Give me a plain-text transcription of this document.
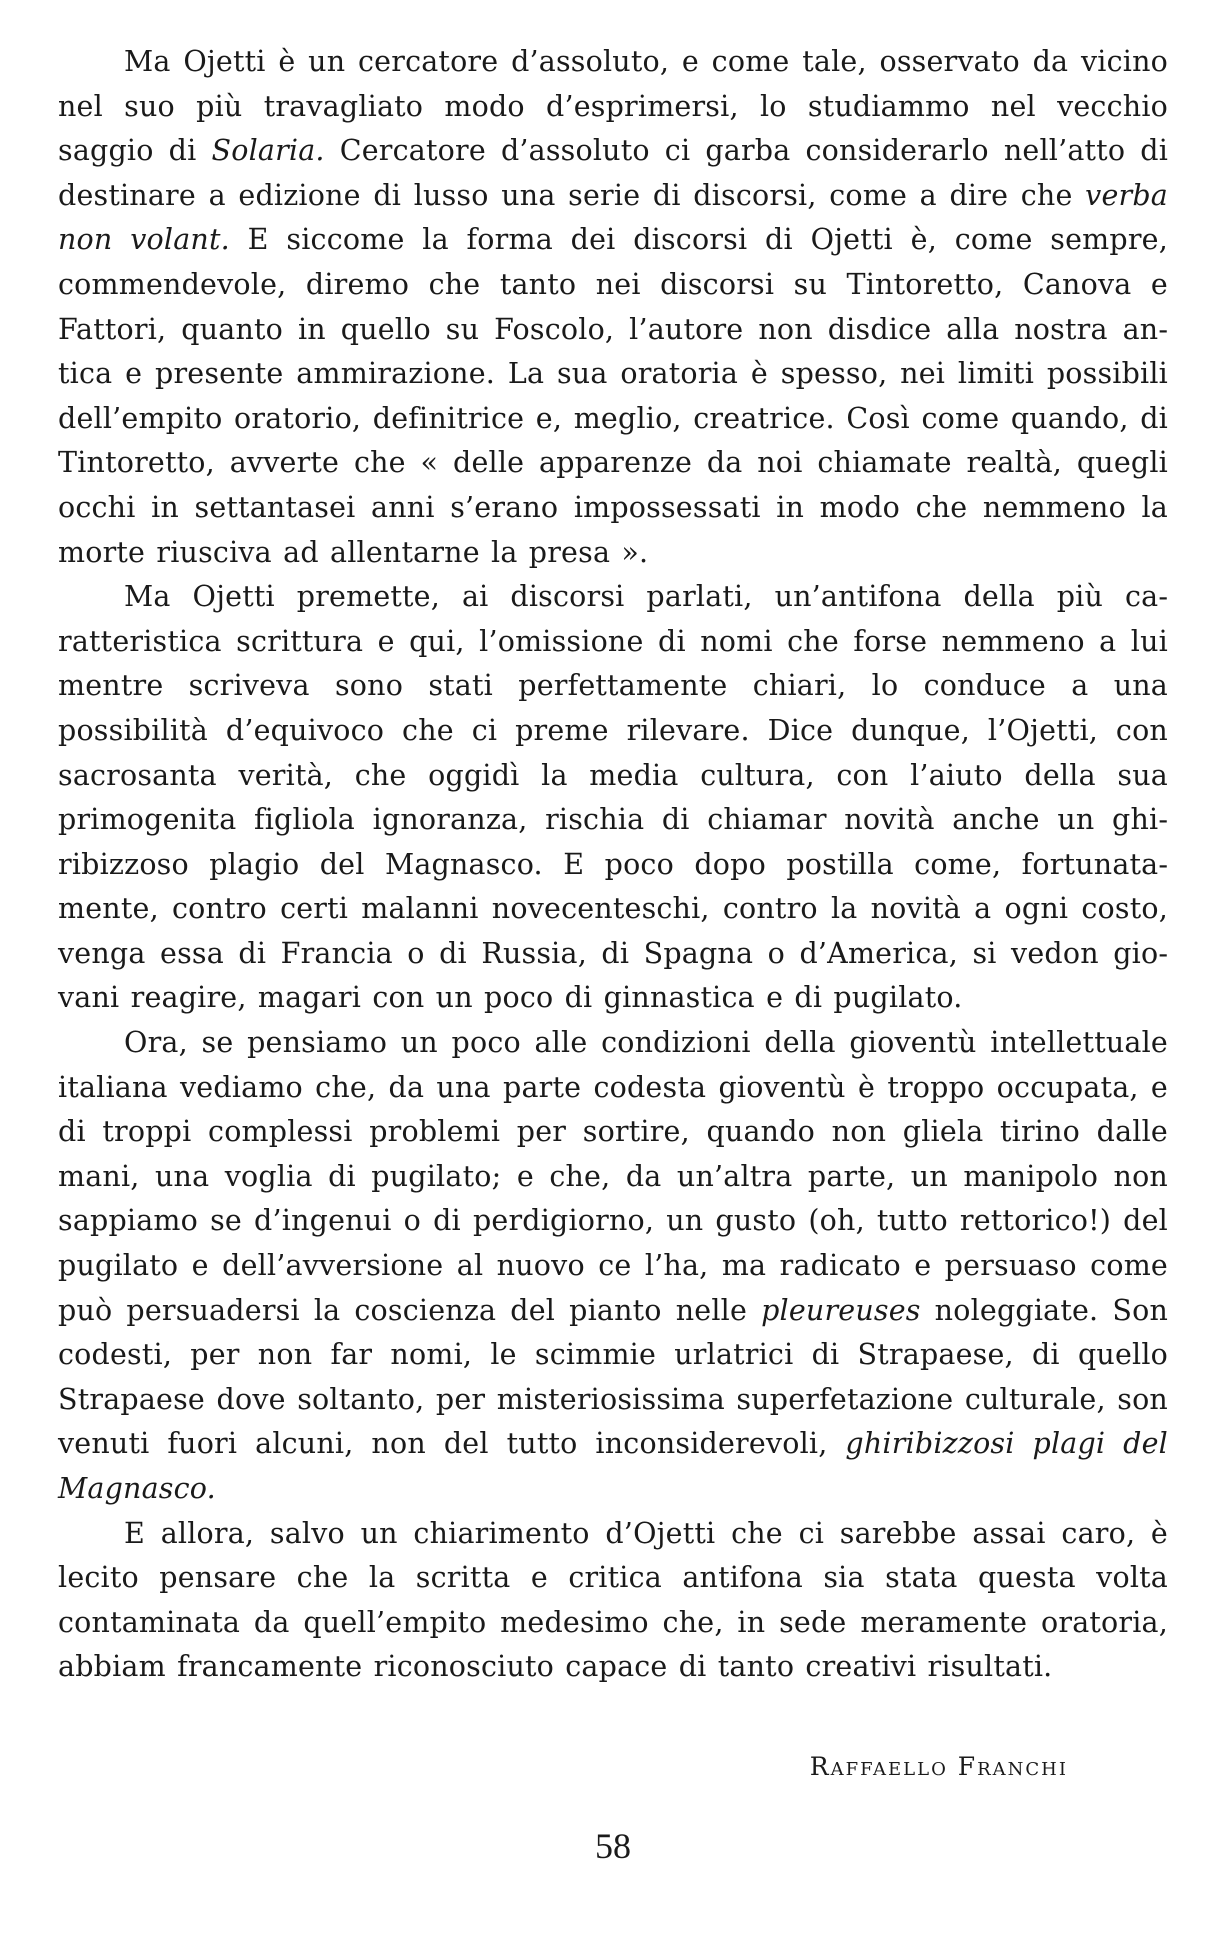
Ma Ojetti è un cercatore d’assoluto, e come tale, osservato da vicino nel suo più travagliato modo d’esprimersi, lo studiammo nel vecchio saggio di Solaria. Cercatore d’assoluto ci garba considerarlo nell’atto di destinare a edizione di lusso una serie di discorsi, come a dire che verba non volant. E siccome la forma dei discorsi di Ojetti è, come sempre, commendevole, diremo che tanto nei discorsi su Tintoretto, Canova e Fattori, quanto in quello su Foscolo, l’autore non disdice alla nostra antica e presente ammirazione. La sua oratoria è spesso, nei limiti possibili dell’empito oratorio, definitrice e, meglio, creatrice. Così come quando, di Tintoretto, avverte che « delle apparenze da noi chiamate realtà, quegli occhi in settantasei anni s’erano impossessati in modo che nemmeno la morte riusciva ad allentarne la presa ».

Ma Ojetti premette, ai discorsi parlati, un’antifona della più caratteristica scrittura e qui, l’omissione di nomi che forse nemmeno a lui mentre scriveva sono stati perfettamente chiari, lo conduce a una possibilità d’equivoco che ci preme rilevare. Dice dunque, l’Ojetti, con sacrosanta verità, che oggidì la media cultura, con l’aiuto della sua primogenita figliola ignoranza, rischia di chiamar novità anche un ghiribizzoso plagio del Magnasco. E poco dopo postilla come, fortunatamente, contro certi malanni novecenteschi, contro la novità a ogni costo, venga essa di Francia o di Russia, di Spagna o d’America, si vedon giovani reagire, magari con un poco di ginnastica e di pugilato.

Ora, se pensiamo un poco alle condizioni della gioventù intellettuale italiana vediamo che, da una parte codesta gioventù è troppo occupata, e di troppi complessi problemi per sortire, quando non gliela tirino dalle mani, una voglia di pugilato; e che, da un’altra parte, un manipolo non sappiamo se d’ingenui o di perdigiorno, un gusto (oh, tutto rettorico!) del pugilato e dell’avversione al nuovo ce l’ha, ma radicato e persuaso come può persuadersi la coscienza del pianto nelle pleureuses noleggiate. Son codesti, per non far nomi, le scimmie urlatrici di Strapaese, di quello Strapaese dove soltanto, per misteriosissima superfetazione culturale, son venuti fuori alcuni, non del tutto inconsiderevoli, ghiribizzosi plagi del Magnasco.

E allora, salvo un chiarimento d’Ojetti che ci sarebbe assai caro, è lecito pensare che la scritta e critica antifona sia stata questa volta contaminata da quell’empito medesimo che, in sede meramente oratoria, abbiam francamente riconosciuto capace di tanto creativi risultati.

Raffaello Franchi
58
